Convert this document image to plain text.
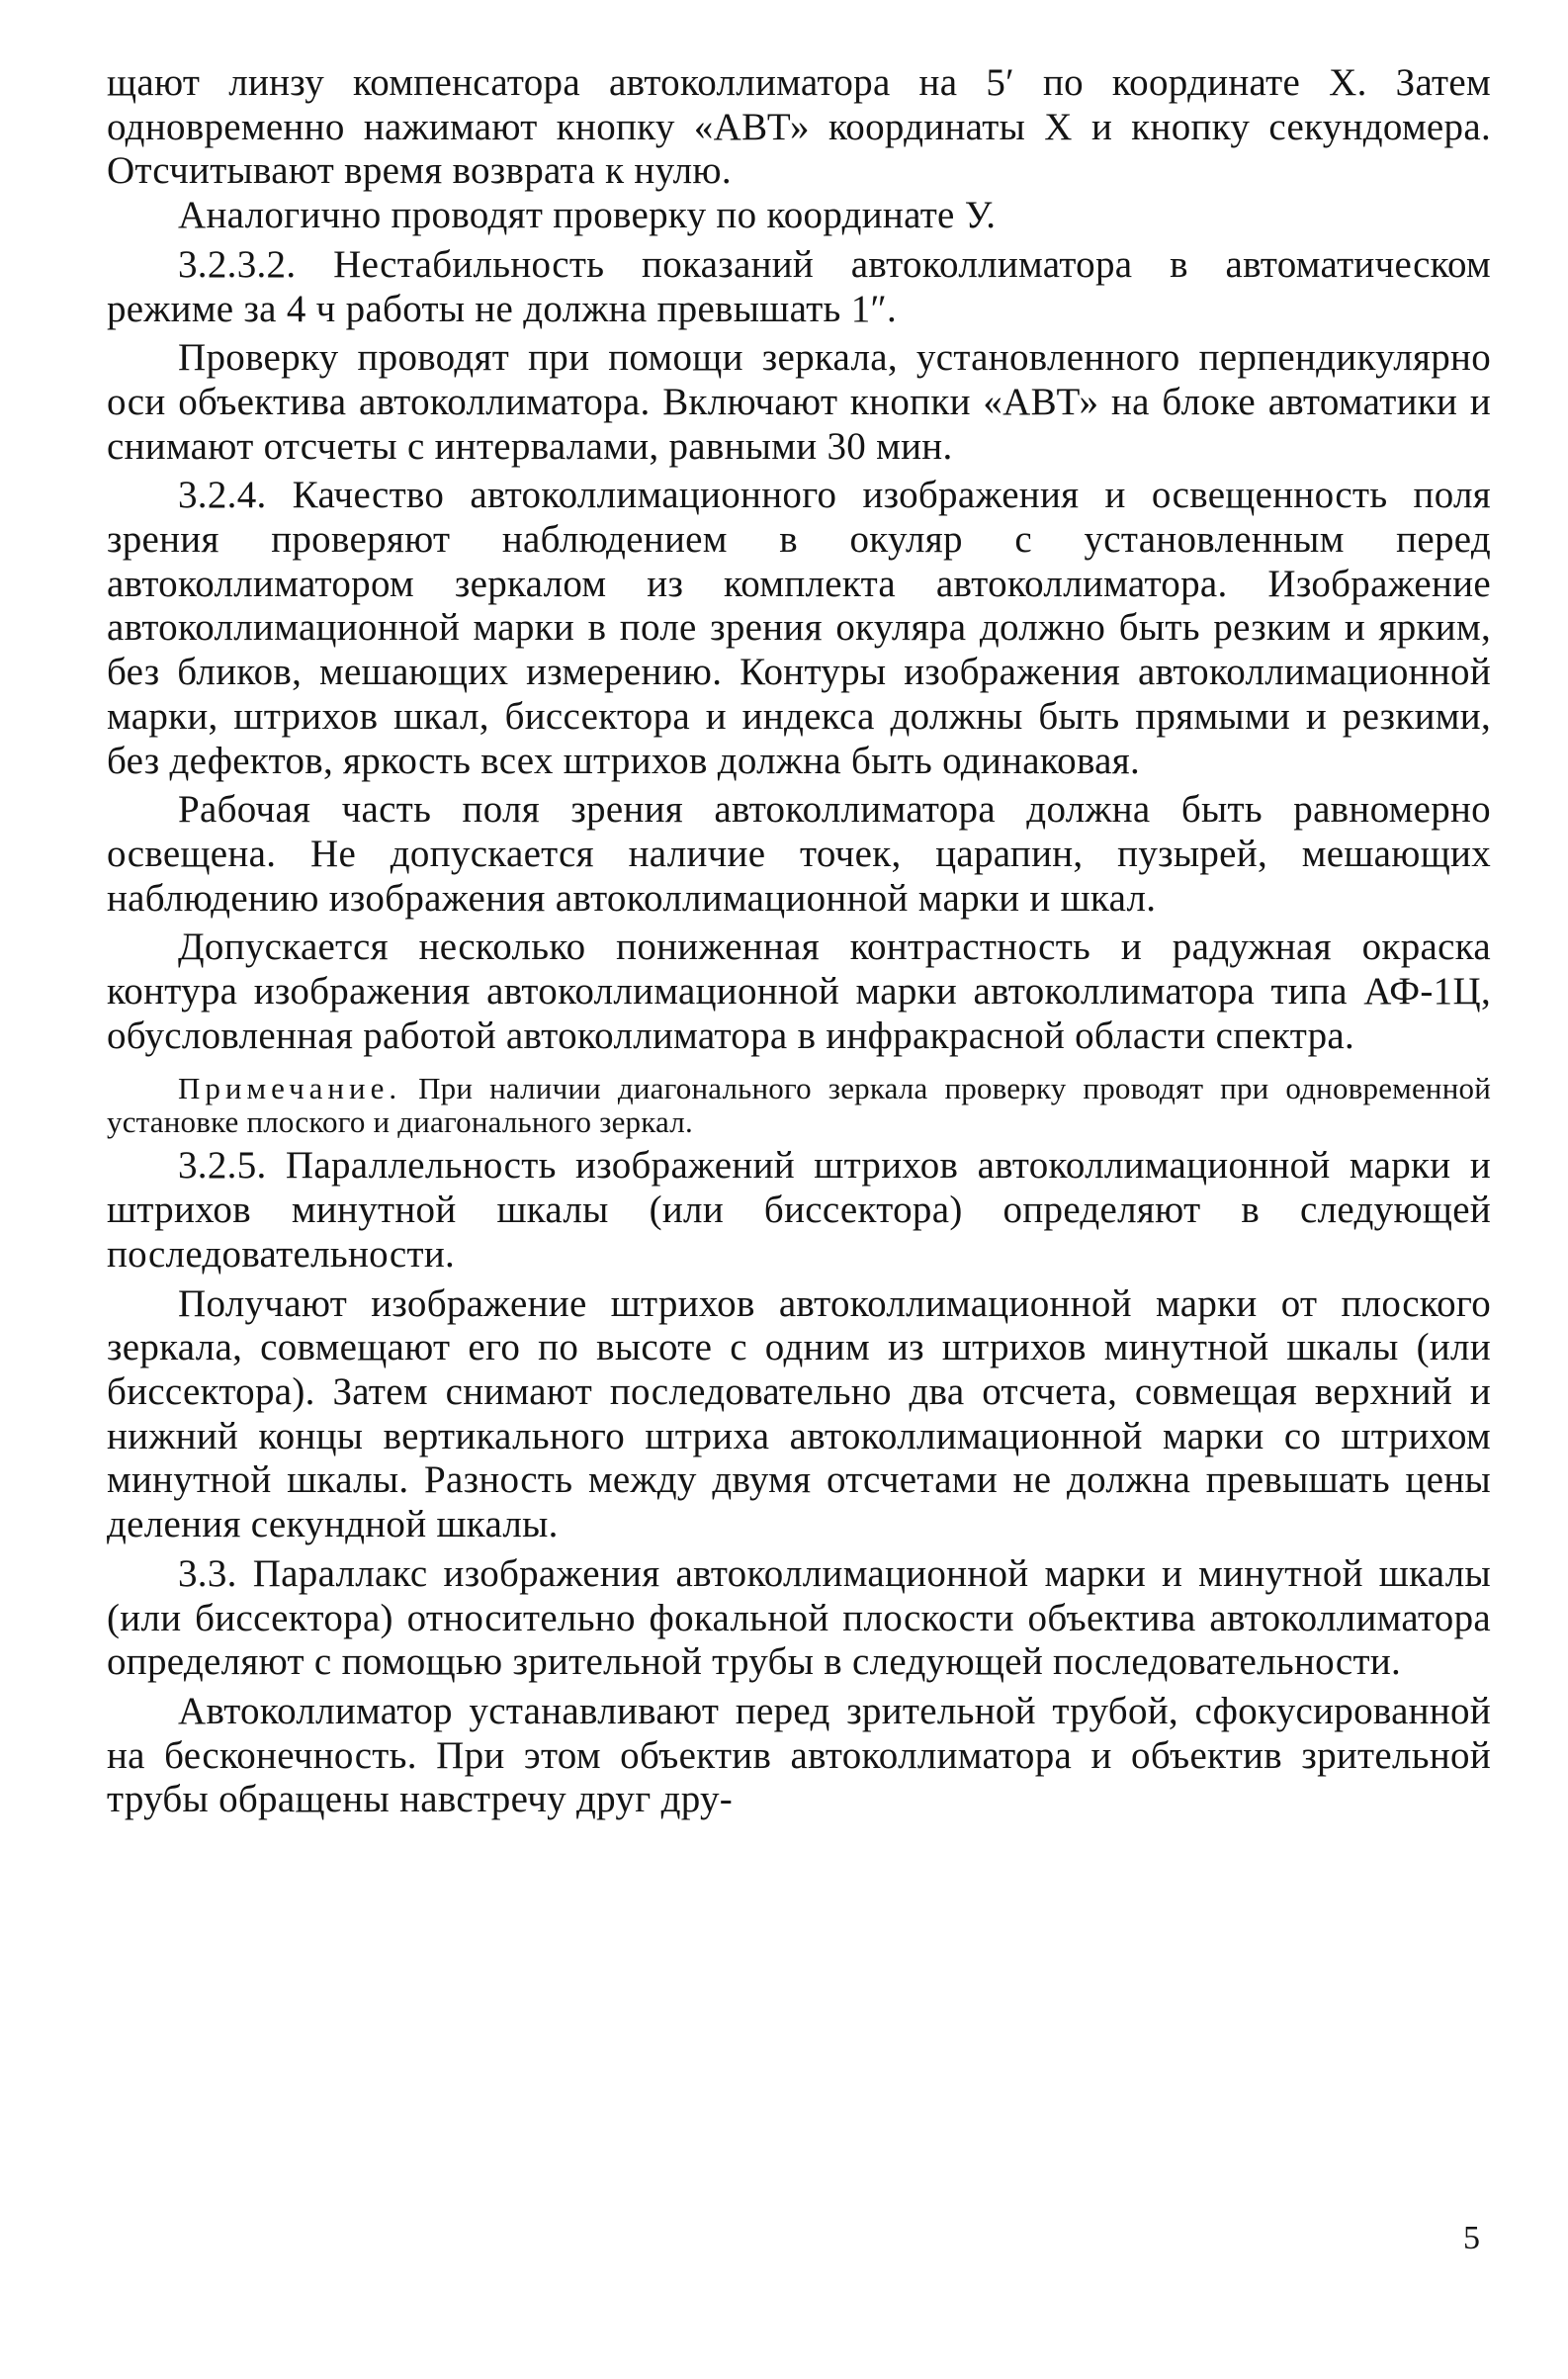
щают линзу компенсатора автоколлиматора на 5′ по координате X. Затем одновременно нажимают кнопку «АВТ» координаты X и кнопку секундомера. Отсчитывают время возврата к нулю.

Аналогично проводят проверку по координате У.

3.2.3.2. Нестабильность показаний автоколлиматора в автоматическом режиме за 4 ч работы не должна превышать 1″.

Проверку проводят при помощи зеркала, установленного перпендикулярно оси объектива автоколлиматора. Включают кнопки «АВТ» на блоке автоматики и снимают отсчеты с интервалами, равными 30 мин.

3.2.4. Качество автоколлимационного изображения и освещенность поля зрения проверяют наблюдением в окуляр с установленным перед автоколлиматором зеркалом из комплекта автоколлиматора. Изображение автоколлимационной марки в поле зрения окуляра должно быть резким и ярким, без бликов, мешающих измерению. Контуры изображения автоколлимационной марки, штрихов шкал, биссектора и индекса должны быть прямыми и резкими, без дефектов, яркость всех штрихов должна быть одинаковая.

Рабочая часть поля зрения автоколлиматора должна быть равномерно освещена. Не допускается наличие точек, царапин, пузырей, мешающих наблюдению изображения автоколлимационной марки и шкал.

Допускается несколько пониженная контрастность и радужная окраска контура изображения автоколлимационной марки автоколлиматора типа АФ-1Ц, обусловленная работой автоколлиматора в инфракрасной области спектра.

Примечание. При наличии диагонального зеркала проверку проводят при одновременной установке плоского и диагонального зеркал.

3.2.5. Параллельность изображений штрихов автоколлимационной марки и штрихов минутной шкалы (или биссектора) определяют в следующей последовательности.

Получают изображение штрихов автоколлимационной марки от плоского зеркала, совмещают его по высоте с одним из штрихов минутной шкалы (или биссектора). Затем снимают последовательно два отсчета, совмещая верхний и нижний концы вертикального штриха автоколлимационной марки со штрихом минутной шкалы. Разность между двумя отсчетами не должна превышать цены деления секундной шкалы.

3.3. Параллакс изображения автоколлимационной марки и минутной шкалы (или биссектора) относительно фокальной плоскости объектива автоколлиматора определяют с помощью зрительной трубы в следующей последовательности.

Автоколлиматор устанавливают перед зрительной трубой, сфокусированной на бесконечность. При этом объектив автоколлиматора и объектив зрительной трубы обращены навстречу друг дру-

5
